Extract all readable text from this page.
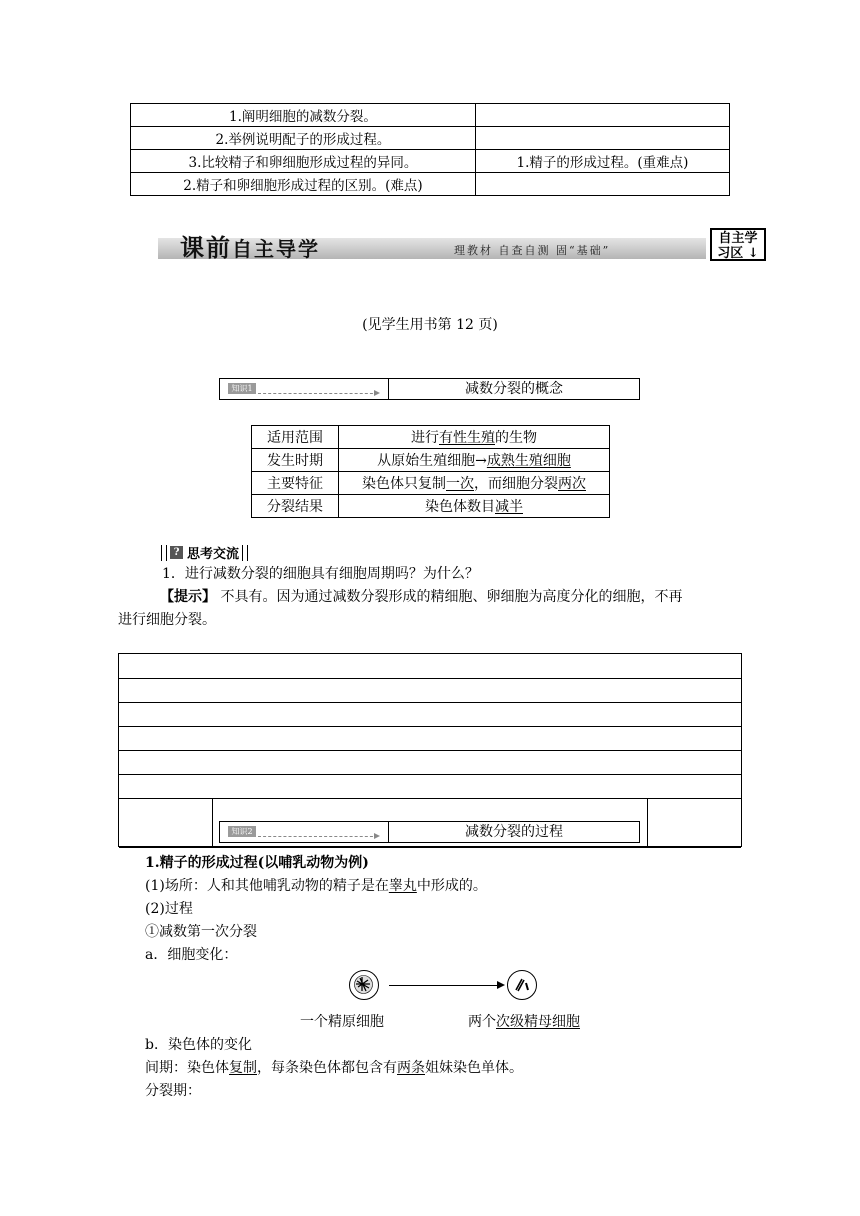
1.阐明细胞的减数分裂。	
2.举例说明配子的形成过程。	
3.比较精子和卵细胞形成过程的异同。	1.精子的形成过程。(重难点)
2.精子和卵细胞形成过程的区别。(难点)	
课前自主导学	理教材 自查自测 固“基础”
自主学
习区 ↓
(见学生用书第 12 页)
知识1	减数分裂的概念
适用范围	进行有性生殖的生物
发生时期	从原始生殖细胞→成熟生殖细胞
主要特征	染色体只复制一次，而细胞分裂两次
分裂结果	染色体数目减半
? 思考交流
1．进行减数分裂的细胞具有细胞周期吗？为什么？
【提示】 不具有。因为通过减数分裂形成的精细胞、卵细胞为高度分化的细胞，不再
进行细胞分裂。
知识2	减数分裂的过程
1.精子的形成过程(以哺乳动物为例)
(1)场所：人和其他哺乳动物的精子是在睾丸中形成的。
(2)过程
①减数第一次分裂
a．细胞变化：
一个精原细胞	两个次级精母细胞
b．染色体的变化
间期：染色体复制，每条染色体都包含有两条姐妹染色单体。
分裂期：
